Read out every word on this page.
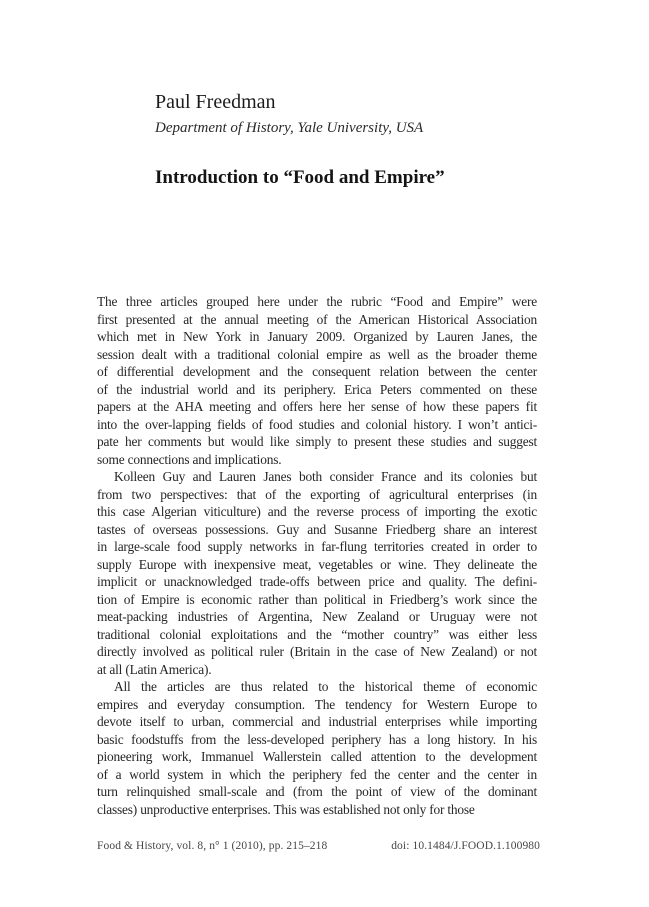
Paul Freedman
Department of History, Yale University, USA
Introduction to “Food and Empire”
The three articles grouped here under the rubric “Food and Empire” were
first presented at the annual meeting of the American Historical Association
which met in New York in January 2009. Organized by Lauren Janes, the
session dealt with a traditional colonial empire as well as the broader theme
of differential development and the consequent relation between the center
of the industrial world and its periphery. Erica Peters commented on these
papers at the AHA meeting and offers here her sense of how these papers fit
into the over-lapping fields of food studies and colonial history. I won’t antici-
pate her comments but would like simply to present these studies and suggest
some connections and implications.
Kolleen Guy and Lauren Janes both consider France and its colonies but
from two perspectives: that of the exporting of agricultural enterprises (in
this case Algerian viticulture) and the reverse process of importing the exotic
tastes of overseas possessions. Guy and Susanne Friedberg share an interest
in large-scale food supply networks in far-flung territories created in order to
supply Europe with inexpensive meat, vegetables or wine. They delineate the
implicit or unacknowledged trade-offs between price and quality. The defini-
tion of Empire is economic rather than political in Friedberg’s work since the
meat-packing industries of Argentina, New Zealand or Uruguay were not
traditional colonial exploitations and the “mother country” was either less
directly involved as political ruler (Britain in the case of New Zealand) or not
at all (Latin America).
All the articles are thus related to the historical theme of economic
empires and everyday consumption. The tendency for Western Europe to
devote itself to urban, commercial and industrial enterprises while importing
basic foodstuffs from the less-developed periphery has a long history. In his
pioneering work, Immanuel Wallerstein called attention to the development
of a world system in which the periphery fed the center and the center in
turn relinquished small-scale and (from the point of view of the dominant
classes) unproductive enterprises. This was established not only for those
Food & History, vol. 8, n° 1 (2010), pp. 215–218	doi: 10.1484/J.FOOD.1.100980
